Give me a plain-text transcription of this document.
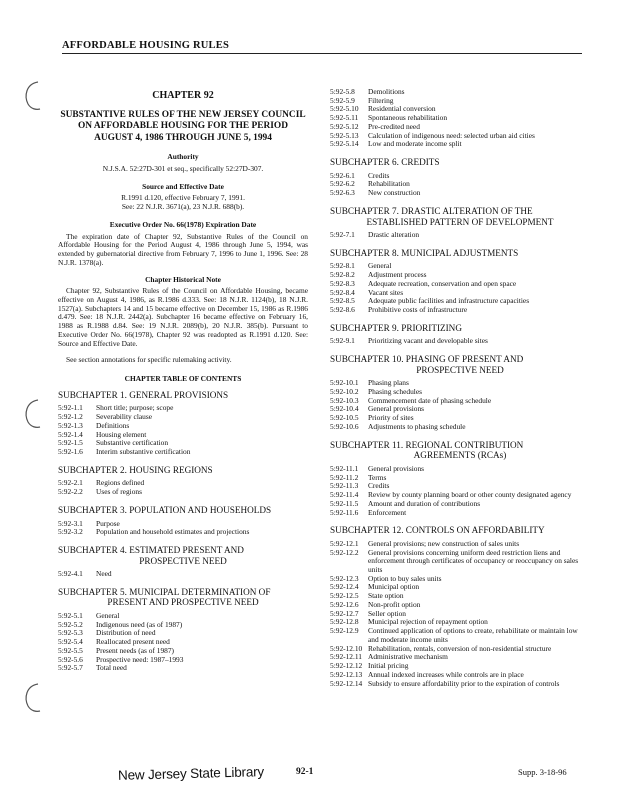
AFFORDABLE HOUSING RULES
CHAPTER 92
SUBSTANTIVE RULES OF THE NEW JERSEY COUNCIL ON AFFORDABLE HOUSING FOR THE PERIOD AUGUST 4, 1986 THROUGH JUNE 5, 1994
Authority
N.J.S.A. 52:27D-301 et seq., specifically 52:27D-307.
Source and Effective Date
R.1991 d.120, effective February 7, 1991.
See: 22 N.J.R. 3671(a), 23 N.J.R. 688(b).
Executive Order No. 66(1978) Expiration Date
The expiration date of Chapter 92, Substantive Rules of the Council on Affordable Housing for the Period August 4, 1986 through June 5, 1994, was extended by gubernatorial directive from February 7, 1996 to June 1, 1996. See: 28 N.J.R. 1378(a).
Chapter Historical Note
Chapter 92, Substantive Rules of the Council on Affordable Housing, became effective on August 4, 1986, as R.1986 d.333. See: 18 N.J.R. 1124(b), 18 N.J.R. 1527(a). Subchapters 14 and 15 became effective on December 15, 1986 as R.1986 d.479. See: 18 N.J.R. 2442(a). Subchapter 16 became effective on February 16, 1988 as R.1988 d.84. See: 19 N.J.R. 2089(b), 20 N.J.R. 385(b). Pursuant to Executive Order No. 66(1978), Chapter 92 was readopted as R.1991 d.120. See: Source and Effective Date.
See section annotations for specific rulemaking activity.
CHAPTER TABLE OF CONTENTS
SUBCHAPTER 1. GENERAL PROVISIONS
5:92-1.1	Short title; purpose; scope
5:92-1.2	Severability clause
5:92-1.3	Definitions
5:92-1.4	Housing element
5:92-1.5	Substantive certification
5:92-1.6	Interim substantive certification
SUBCHAPTER 2. HOUSING REGIONS
5:92-2.1	Regions defined
5:92-2.2	Uses of regions
SUBCHAPTER 3. POPULATION AND HOUSEHOLDS
5:92-3.1	Purpose
5:92-3.2	Population and household estimates and projections
SUBCHAPTER 4. ESTIMATED PRESENT AND
PROSPECTIVE NEED
5:92-4.1	Need
SUBCHAPTER 5. MUNICIPAL DETERMINATION OF
PRESENT AND PROSPECTIVE NEED
5:92-5.1	General
5:92-5.2	Indigenous need (as of 1987)
5:92-5.3	Distribution of need
5:92-5.4	Reallocated present need
5:92-5.5	Present needs (as of 1987)
5:92-5.6	Prospective need: 1987–1993
5:92-5.7	Total need
5:92-5.8	Demolitions
5:92-5.9	Filtering
5:92-5.10	Residential conversion
5:92-5.11	Spontaneous rehabilitation
5:92-5.12	Pre-credited need
5:92-5.13	Calculation of indigenous need: selected urban aid cities
5:92-5.14	Low and moderate income split
SUBCHAPTER 6. CREDITS
5:92-6.1	Credits
5:92-6.2	Rehabilitation
5:92-6.3	New construction
SUBCHAPTER 7. DRASTIC ALTERATION OF THE
ESTABLISHED PATTERN OF DEVELOPMENT
5:92-7.1	Drastic alteration
SUBCHAPTER 8. MUNICIPAL ADJUSTMENTS
5:92-8.1	General
5:92-8.2	Adjustment process
5:92-8.3	Adequate recreation, conservation and open space
5:92-8.4	Vacant sites
5:92-8.5	Adequate public facilities and infrastructure capacities
5:92-8.6	Prohibitive costs of infrastructure
SUBCHAPTER 9. PRIORITIZING
5:92-9.1	Prioritizing vacant and developable sites
SUBCHAPTER 10. PHASING OF PRESENT AND
PROSPECTIVE NEED
5:92-10.1	Phasing plans
5:92-10.2	Phasing schedules
5:92-10.3	Commencement date of phasing schedule
5:92-10.4	General provisions
5:92-10.5	Priority of sites
5:92-10.6	Adjustments to phasing schedule
SUBCHAPTER 11. REGIONAL CONTRIBUTION
AGREEMENTS (RCAs)
5:92-11.1	General provisions
5:92-11.2	Terms
5:92-11.3	Credits
5:92-11.4	Review by county planning board or other county designated agency
5:92-11.5	Amount and duration of contributions
5:92-11.6	Enforcement
SUBCHAPTER 12. CONTROLS ON AFFORDABILITY
5:92-12.1	General provisions; new construction of sales units
5:92-12.2	General provisions concerning uniform deed restriction liens and enforcement through certificates of occupancy or reoccupancy on sales units
5:92-12.3	Option to buy sales units
5:92-12.4	Municipal option
5:92-12.5	State option
5:92-12.6	Non-profit option
5:92-12.7	Seller option
5:92-12.8	Municipal rejection of repayment option
5:92-12.9	Continued application of options to create, rehabilitate or maintain low and moderate income units
5:92-12.10 Rehabilitation, rentals, conversion of non-residential structure
5:92-12.11 Administrative mechanism
5:92-12.12 Initial pricing
5:92-12.13 Annual indexed increases while controls are in place
5:92-12.14 Subsidy to ensure affordability prior to the expiration of controls
New Jersey State Library	92-1	Supp. 3-18-96
